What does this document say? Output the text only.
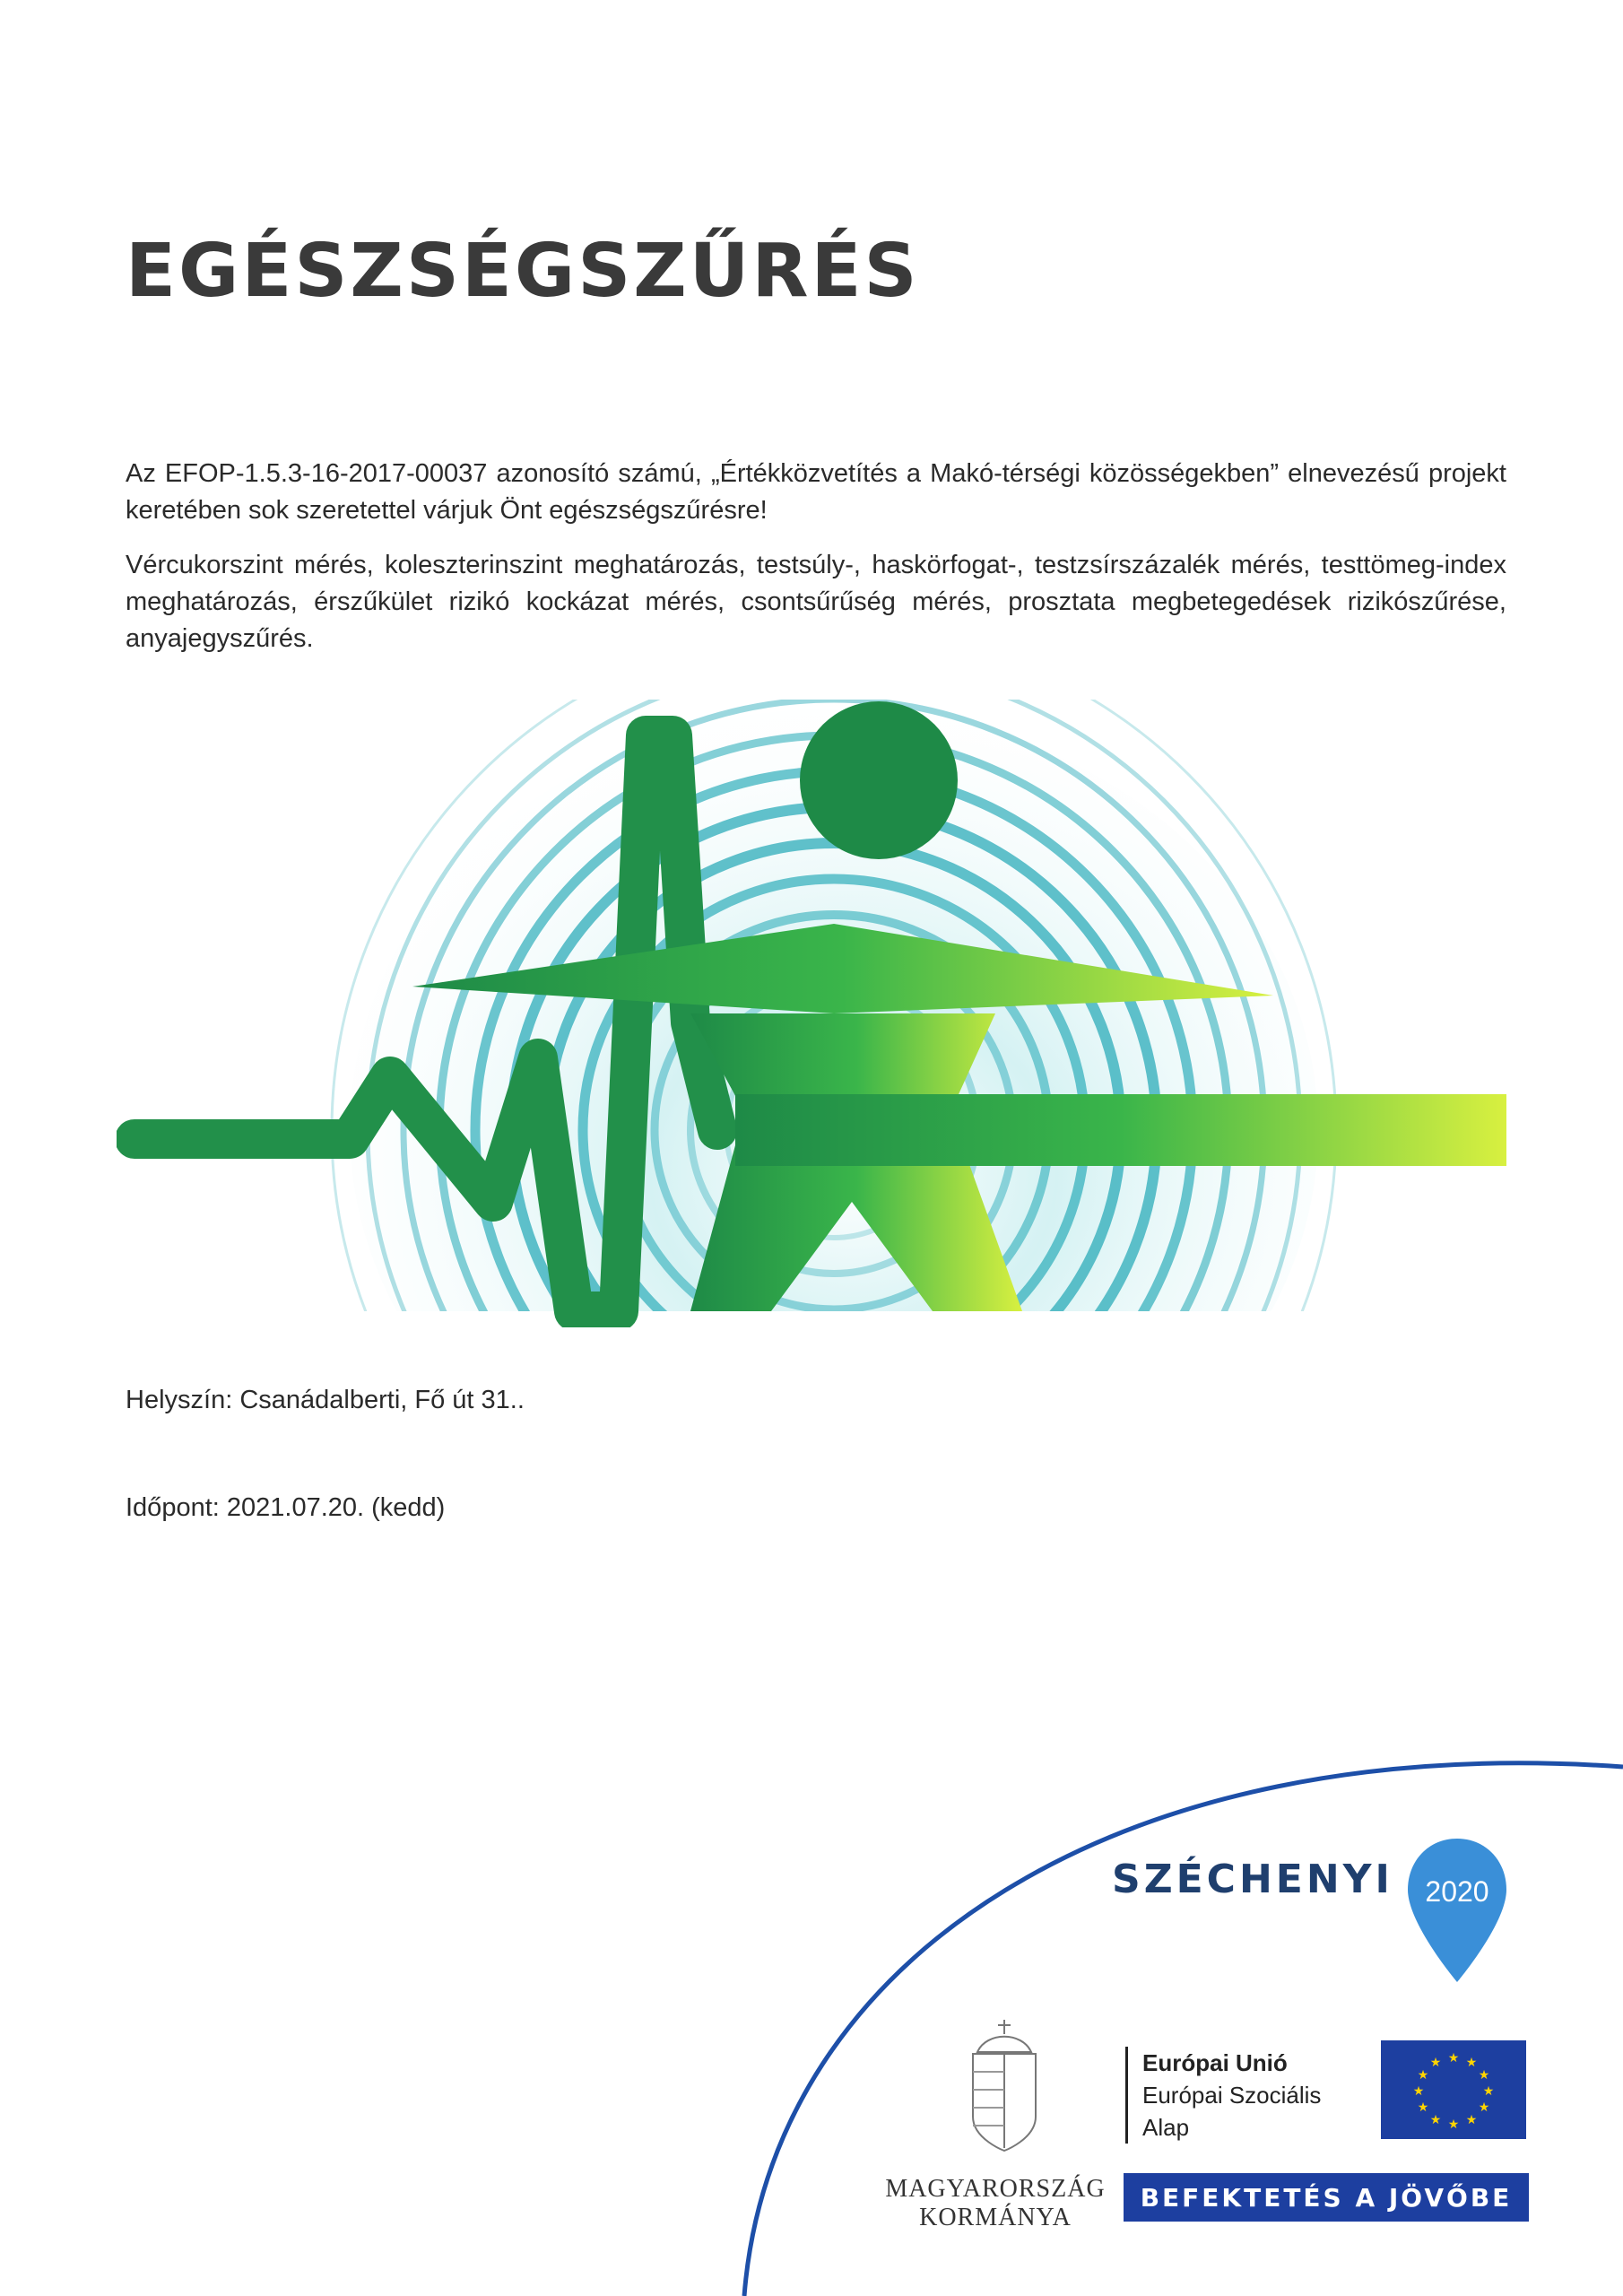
EGÉSZSÉGSZŰRÉS

Az EFOP-1.5.3-16-2017-00037 azonosító számú, „Értékközvetítés a Makó-térségi közösségekben” elnevezésű projekt keretében sok szeretettel várjuk Önt egészségszűrésre!

Vércukorszint mérés, koleszterinszint meghatározás, testsúly-, haskörfogat-, testzsírszázalék mérés, testtömeg-index meghatározás, érszűkület rizikó kockázat mérés, csontsűrűség mérés, prosztata megbetegedések rizikószűrése, anyajegyszűrés.

Helyszín: Csanádalberti, Fő út 31..

Időpont: 2021.07.20. (kedd)

SZÉCHENYI 2020
MAGYARORSZÁG
KORMÁNYA
Európai Unió
Európai Szociális
Alap
★ ★
★
★
★
★
★
★
★
★
★
★
BEFEKTETÉS A JÖVŐBE
